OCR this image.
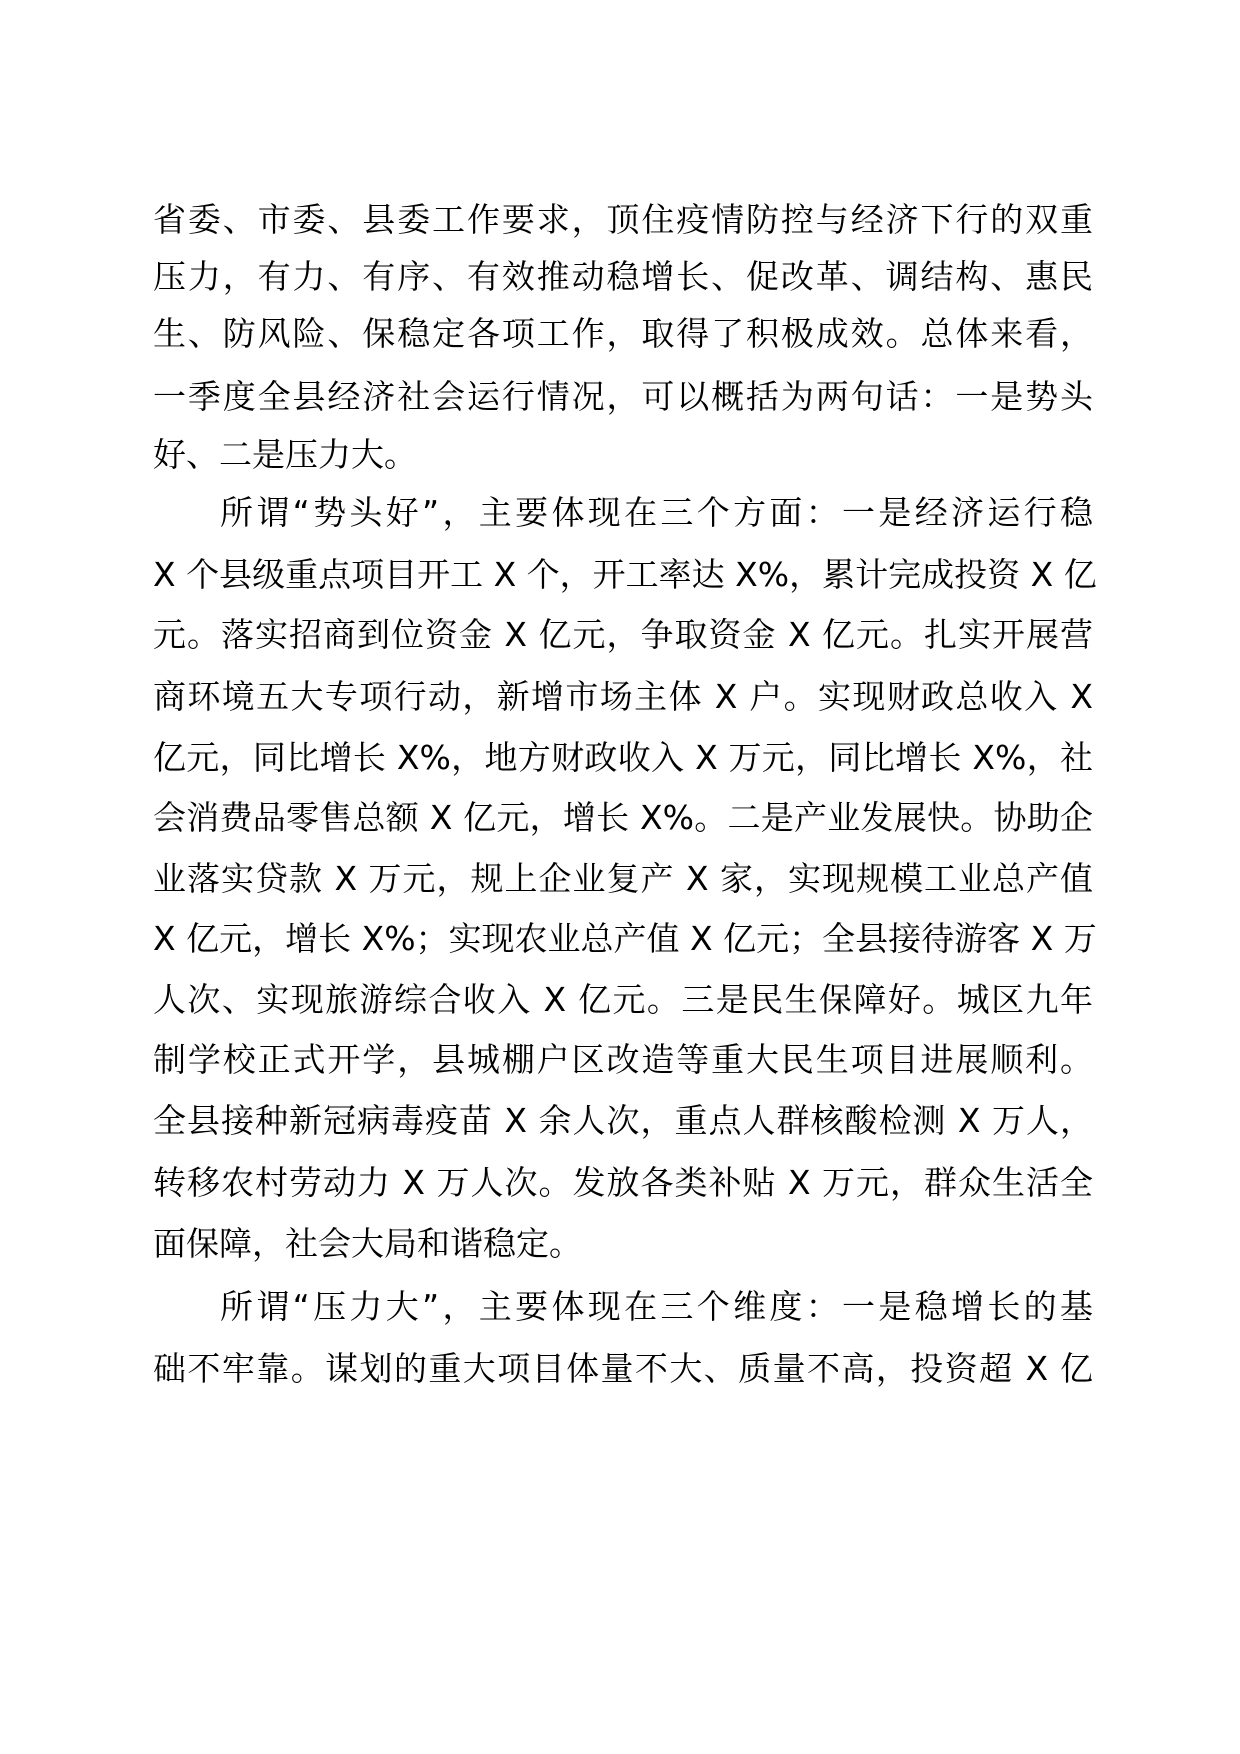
省委、市委、县委工作要求，顶住疫情防控与经济下行的双重
压力，有力、有序、有效推动稳增长、促改革、调结构、惠民
生、防风险、保稳定各项工作，取得了积极成效。总体来看，
一季度全县经济社会运行情况，可以概括为两句话：一是势头
好、二是压力大。
所谓“势头好”，主要体现在三个方面：一是经济运行稳
X 个县级重点项目开工 X 个，开工率达 X%，累计完成投资 X 亿
元。落实招商到位资金 X 亿元，争取资金 X 亿元。扎实开展营
商环境五大专项行动，新增市场主体 X 户。实现财政总收入 X
亿元，同比增长 X%，地方财政收入 X 万元，同比增长 X%，社
会消费品零售总额 X 亿元，增长 X%。二是产业发展快。协助企
业落实贷款 X 万元，规上企业复产 X 家，实现规模工业总产值
X 亿元，增长 X%；实现农业总产值 X 亿元；全县接待游客 X 万
人次、实现旅游综合收入 X 亿元。三是民生保障好。城区九年
制学校正式开学，县城棚户区改造等重大民生项目进展顺利。
全县接种新冠病毒疫苗 X 余人次，重点人群核酸检测 X 万人，
转移农村劳动力 X 万人次。发放各类补贴 X 万元，群众生活全
面保障，社会大局和谐稳定。
所谓“压力大”，主要体现在三个维度：一是稳增长的基
础不牢靠。谋划的重大项目体量不大、质量不高，投资超 X 亿
